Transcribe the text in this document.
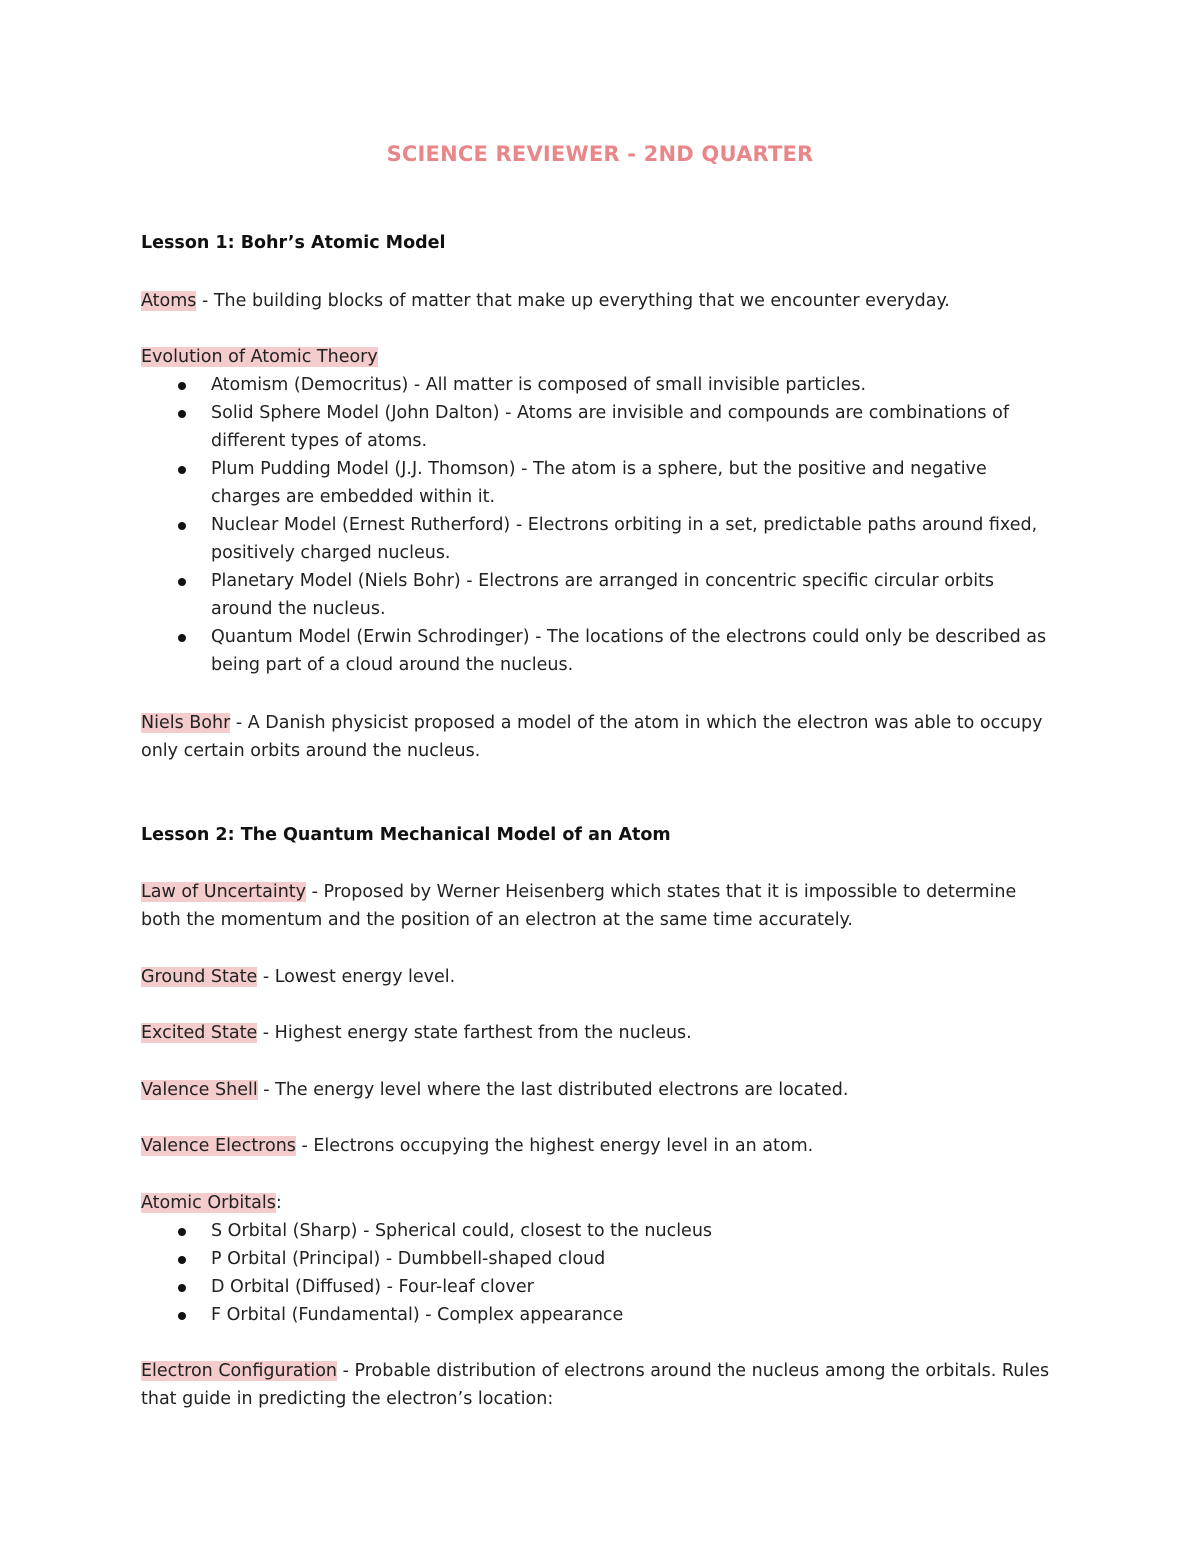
SCIENCE REVIEWER - 2ND QUARTER
Lesson 1: Bohr’s Atomic Model

Atoms - The building blocks of matter that make up everything that we encounter everyday.

Evolution of Atomic Theory

Atomism (Democritus) - All matter is composed of small invisible particles.
Solid Sphere Model (John Dalton) - Atoms are invisible and compounds are combinations of different types of atoms.
Plum Pudding Model (J.J. Thomson) - The atom is a sphere, but the positive and negative charges are embedded within it.
Nuclear Model (Ernest Rutherford) - Electrons orbiting in a set, predictable paths around fixed, positively charged nucleus.
Planetary Model (Niels Bohr) - Electrons are arranged in concentric specific circular orbits around the nucleus.
Quantum Model (Erwin Schrodinger) - The locations of the electrons could only be described as being part of a cloud around the nucleus.

Niels Bohr - A Danish physicist proposed a model of the atom in which the electron was able to occupy only certain orbits around the nucleus.

Lesson 2: The Quantum Mechanical Model of an Atom

Law of Uncertainty - Proposed by Werner Heisenberg which states that it is impossible to determine both the momentum and the position of an electron at the same time accurately.

Ground State - Lowest energy level.

Excited State - Highest energy state farthest from the nucleus.

Valence Shell - The energy level where the last distributed electrons are located.

Valence Electrons - Electrons occupying the highest energy level in an atom.

Atomic Orbitals:

S Orbital (Sharp) - Spherical could, closest to the nucleus
P Orbital (Principal) - Dumbbell-shaped cloud
D Orbital (Diffused) - Four-leaf clover
F Orbital (Fundamental) - Complex appearance

Electron Configuration - Probable distribution of electrons around the nucleus among the orbitals. Rules that guide in predicting the electron’s location:
